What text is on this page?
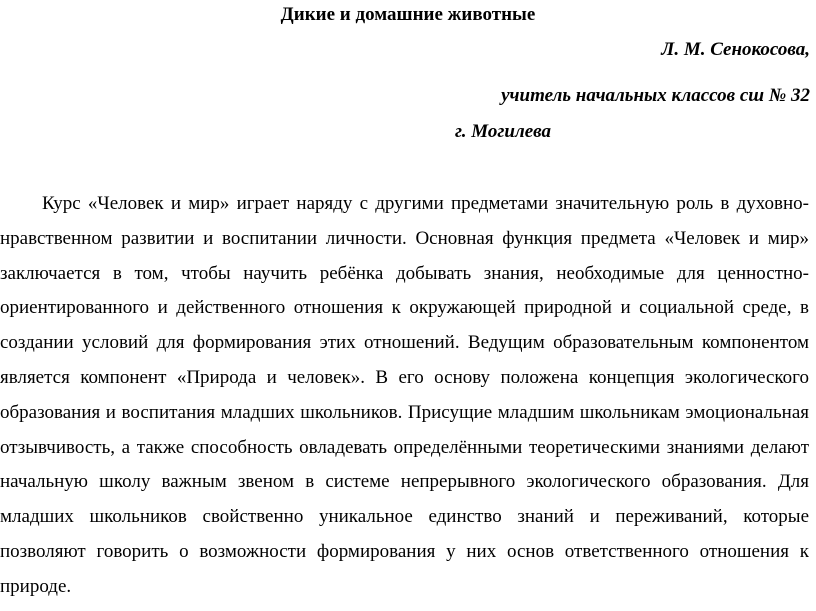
Дикие и домашние животные
Л. М. Сенокосова,
учитель начальных классов сш № 32
г. Могилева

Курс «Человек и мир» играет наряду с другими предметами значительную роль в духовно-нравственном развитии и воспитании личности. Основная функция предмета «Человек и мир» заключается в том, чтобы научить ребёнка добывать знания, необходимые для ценностно-ориентированного и действенного отношения к окружающей природной и социальной среде, в создании условий для формирования этих отношений. Ведущим образовательным компонентом является компонент «Природа и человек». В его основу положена концепция экологического образования и воспитания младших школьников. Присущие младшим школьникам эмоциональная отзывчивость, а также способность овладевать определёнными теоретическими знаниями делают начальную школу важным звеном в системе непрерывного экологического образования. Для младших школьников свойственно уникальное единство знаний и переживаний, которые позволяют говорить о возможности формирования у них основ ответственного отношения к природе.
